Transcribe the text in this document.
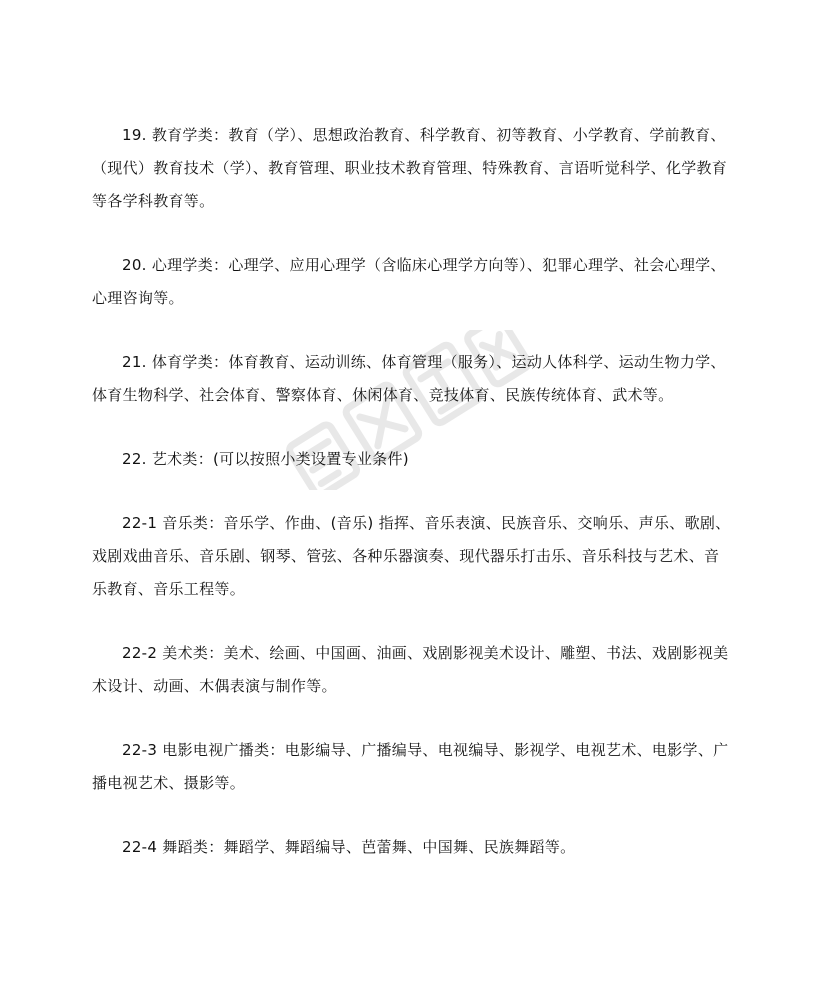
19. 教育学类：教育（学）、思想政治教育、科学教育、初等教育、小学教育、学前教育、
（现代）教育技术（学）、教育管理、职业技术教育管理、特殊教育、言语听觉科学、化学教育
等各学科教育等。
20. 心理学类：心理学、应用心理学（含临床心理学方向等）、犯罪心理学、社会心理学、
心理咨询等。
21. 体育学类：体育教育、运动训练、体育管理（服务）、运动人体科学、运动生物力学、
体育生物科学、社会体育、警察体育、休闲体育、竞技体育、民族传统体育、武术等。
22. 艺术类：(可以按照小类设置专业条件)
22-1 音乐类：音乐学、作曲、(音乐) 指挥、音乐表演、民族音乐、交响乐、声乐、歌剧、
戏剧戏曲音乐、音乐剧、钢琴、管弦、各种乐器演奏、现代器乐打击乐、音乐科技与艺术、音
乐教育、音乐工程等。
22-2 美术类：美术、绘画、中国画、油画、戏剧影视美术设计、雕塑、书法、戏剧影视美
术设计、动画、木偶表演与制作等。
22-3 电影电视广播类：电影编导、广播编导、电视编导、影视学、电视艺术、电影学、广
播电视艺术、摄影等。
22-4 舞蹈类：舞蹈学、舞蹈编导、芭蕾舞、中国舞、民族舞蹈等。
